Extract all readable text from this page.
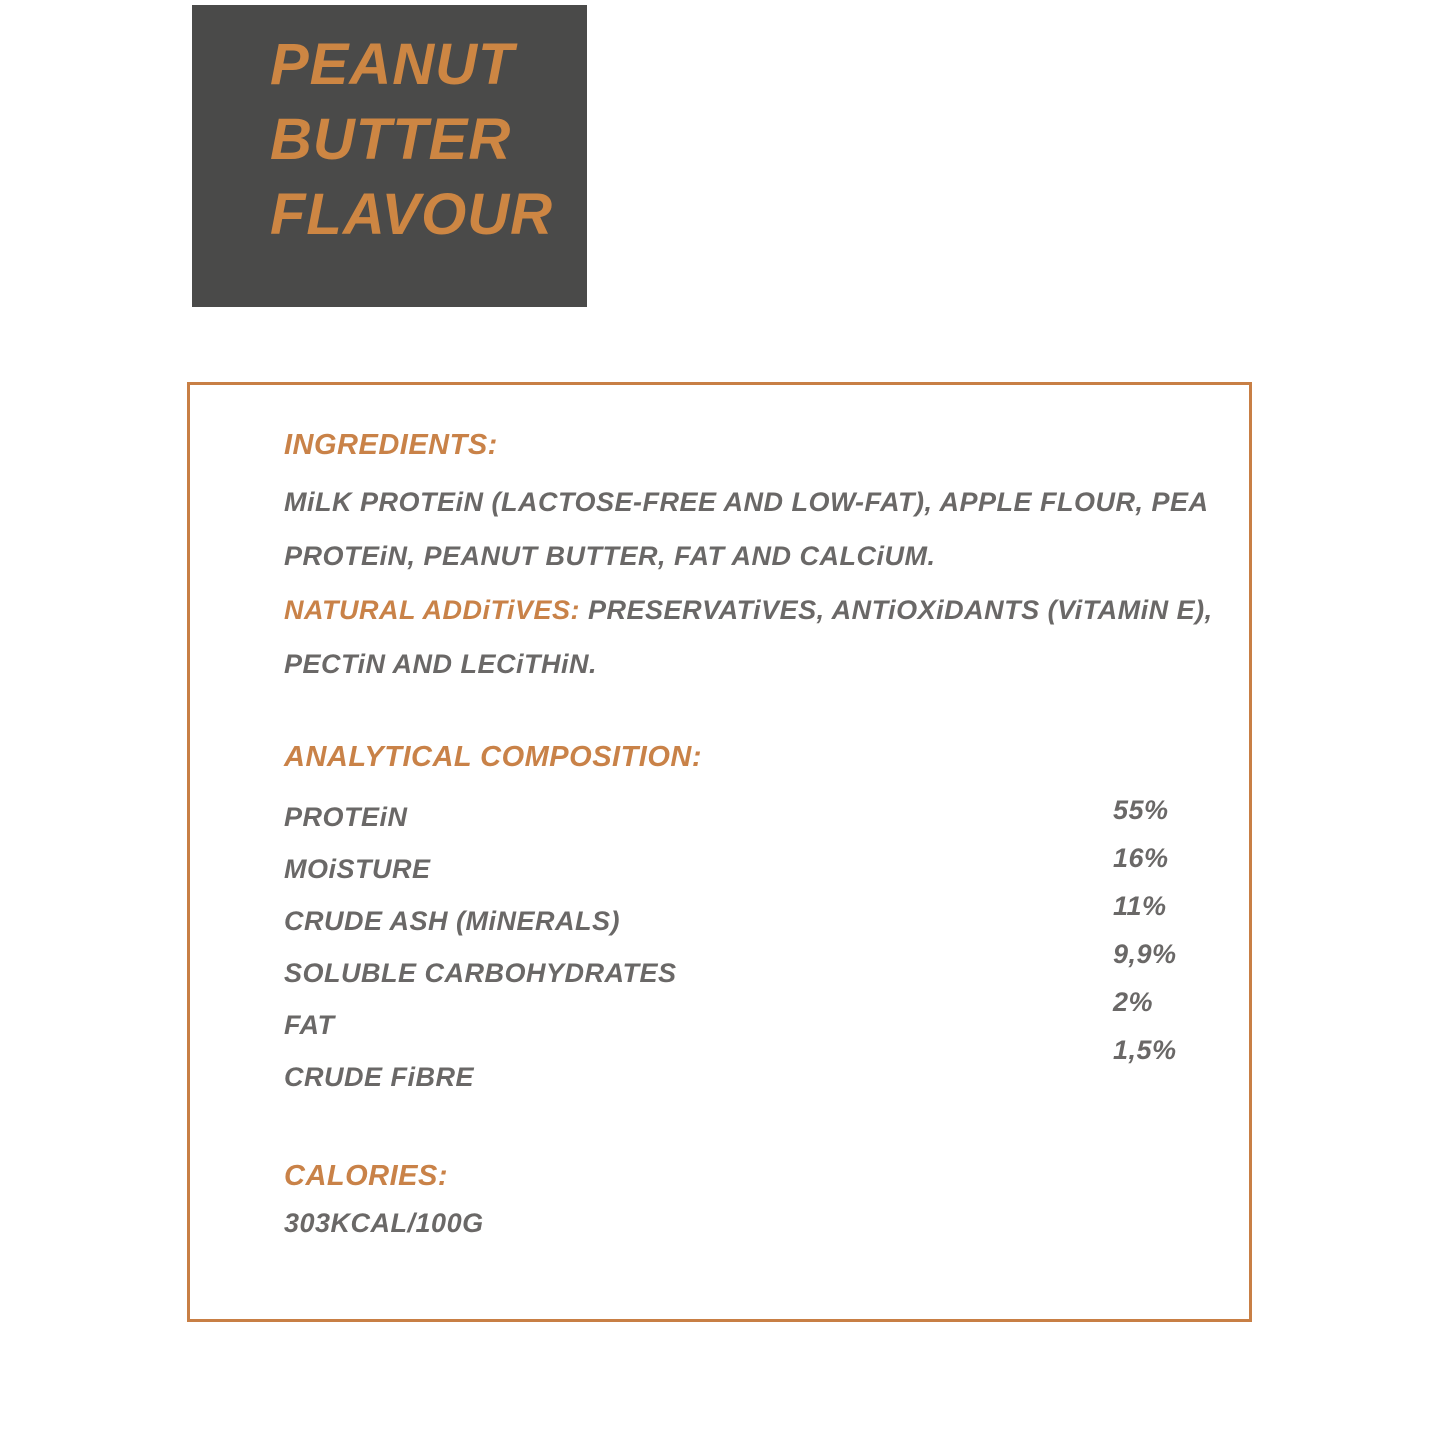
PEANUT
BUTTER
FLAVOUR
INGREDIENTS:
MiLK PROTEiN (LACTOSE-FREE AND LOW-FAT), APPLE FLOUR, PEA
PROTEiN, PEANUT BUTTER, FAT AND CALCiUM.
NATURAL ADDiTiVES: PRESERVATiVES, ANTiOXiDANTS (ViTAMiN E),
PECTiN AND LECiTHiN.
ANALYTICAL COMPOSITION:
PROTEiN
MOiSTURE
CRUDE ASH (MiNERALS)
SOLUBLE CARBOHYDRATES
FAT
CRUDE FiBRE
55%
16%
11%
9,9%
2%
1,5%
CALORIES:
303KCAL/100G
